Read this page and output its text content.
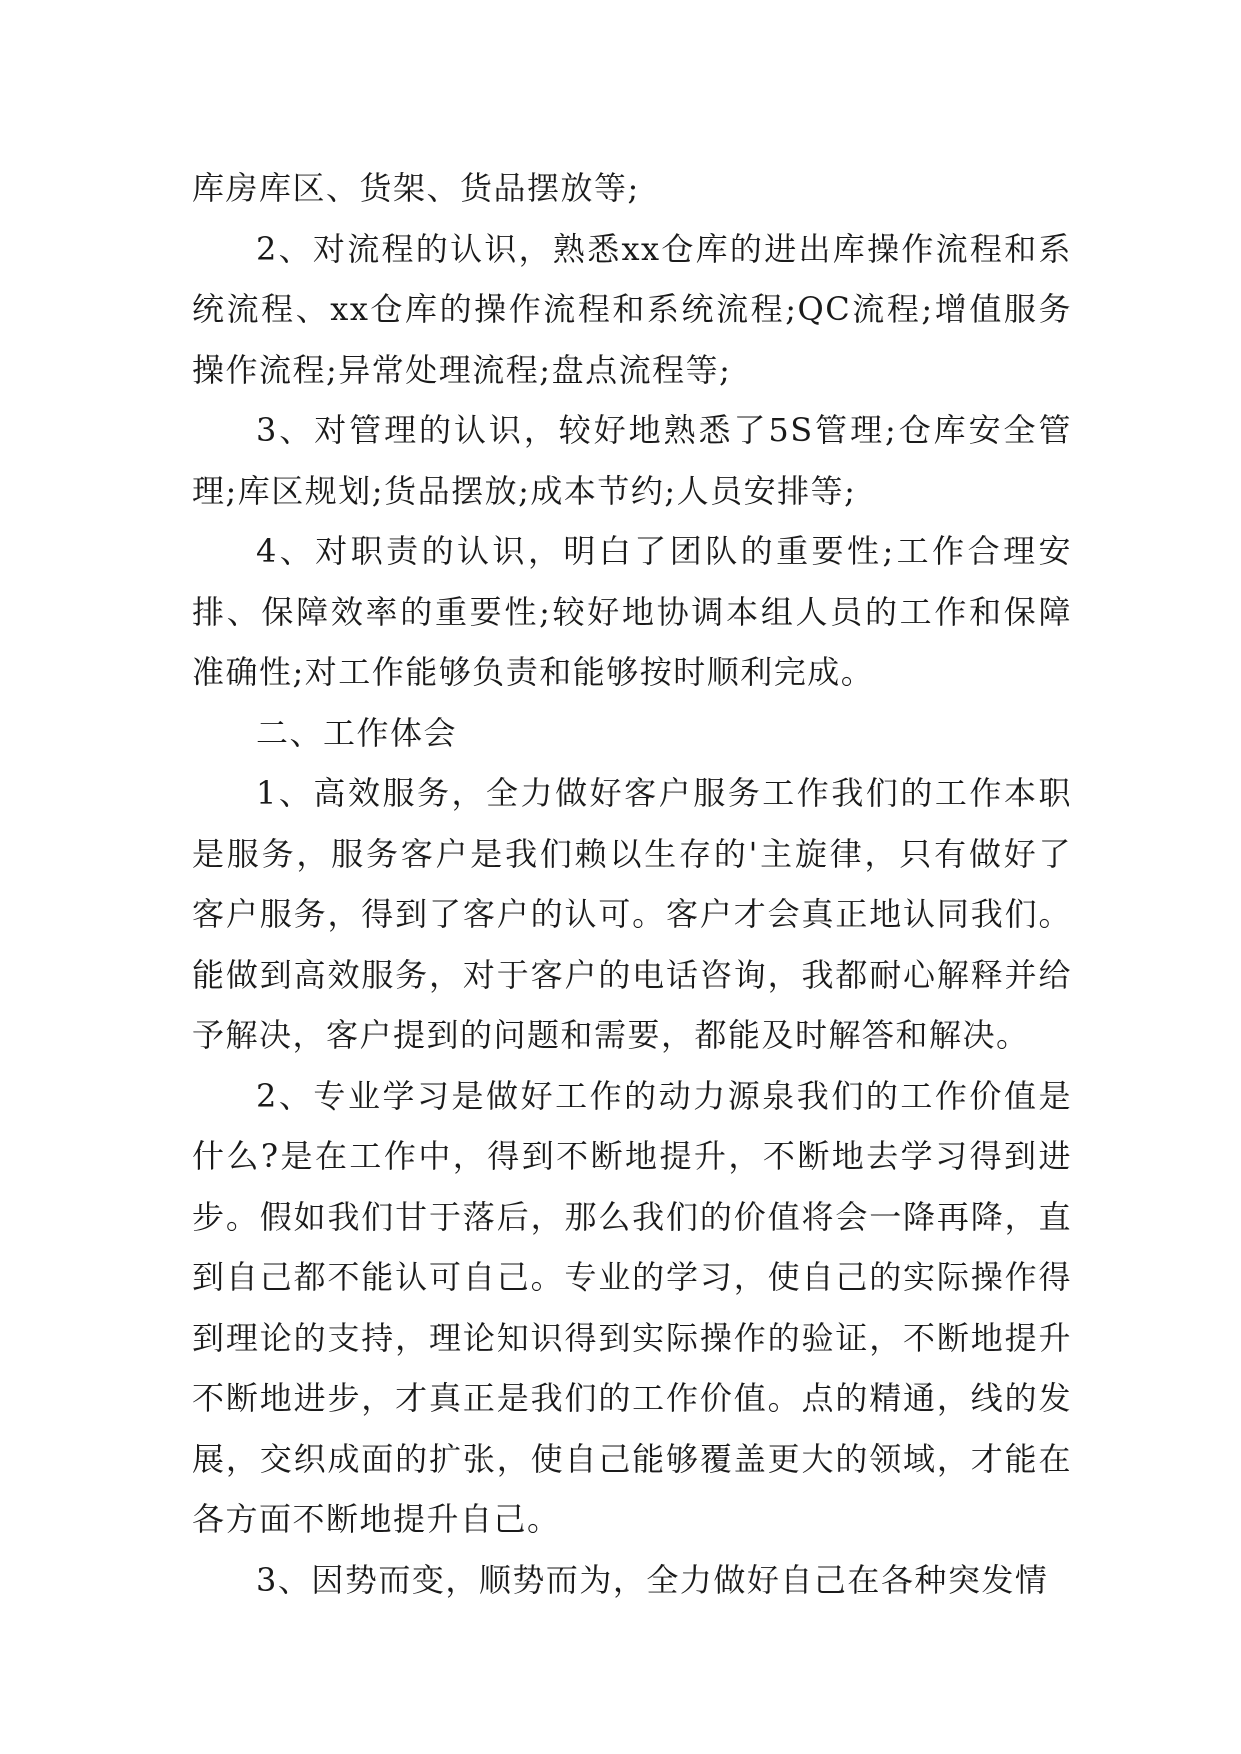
库房库区、货架、货品摆放等;

2、对流程的认识，熟悉xx仓库的进出库操作流程和系统流程、xx仓库的操作流程和系统流程;QC流程;增值服务操作流程;异常处理流程;盘点流程等;

3、对管理的认识，较好地熟悉了5S管理;仓库安全管理;库区规划;货品摆放;成本节约;人员安排等;

4、对职责的认识，明白了团队的重要性;工作合理安排、保障效率的重要性;较好地协调本组人员的工作和保障准确性;对工作能够负责和能够按时顺利完成。

二、工作体会

1、高效服务，全力做好客户服务工作我们的工作本职是服务，服务客户是我们赖以生存的'主旋律，只有做好了客户服务，得到了客户的认可。客户才会真正地认同我们。能做到高效服务，对于客户的电话咨询，我都耐心解释并给予解决，客户提到的问题和需要，都能及时解答和解决。

2、专业学习是做好工作的动力源泉我们的工作价值是什么?是在工作中，得到不断地提升，不断地去学习得到进步。假如我们甘于落后，那么我们的价值将会一降再降，直到自己都不能认可自己。专业的学习，使自己的实际操作得到理论的支持，理论知识得到实际操作的验证，不断地提升不断地进步，才真正是我们的工作价值。点的精通，线的发展，交织成面的扩张，使自己能够覆盖更大的领域，才能在各方面不断地提升自己。

3、因势而变，顺势而为，全力做好自己在各种突发情
